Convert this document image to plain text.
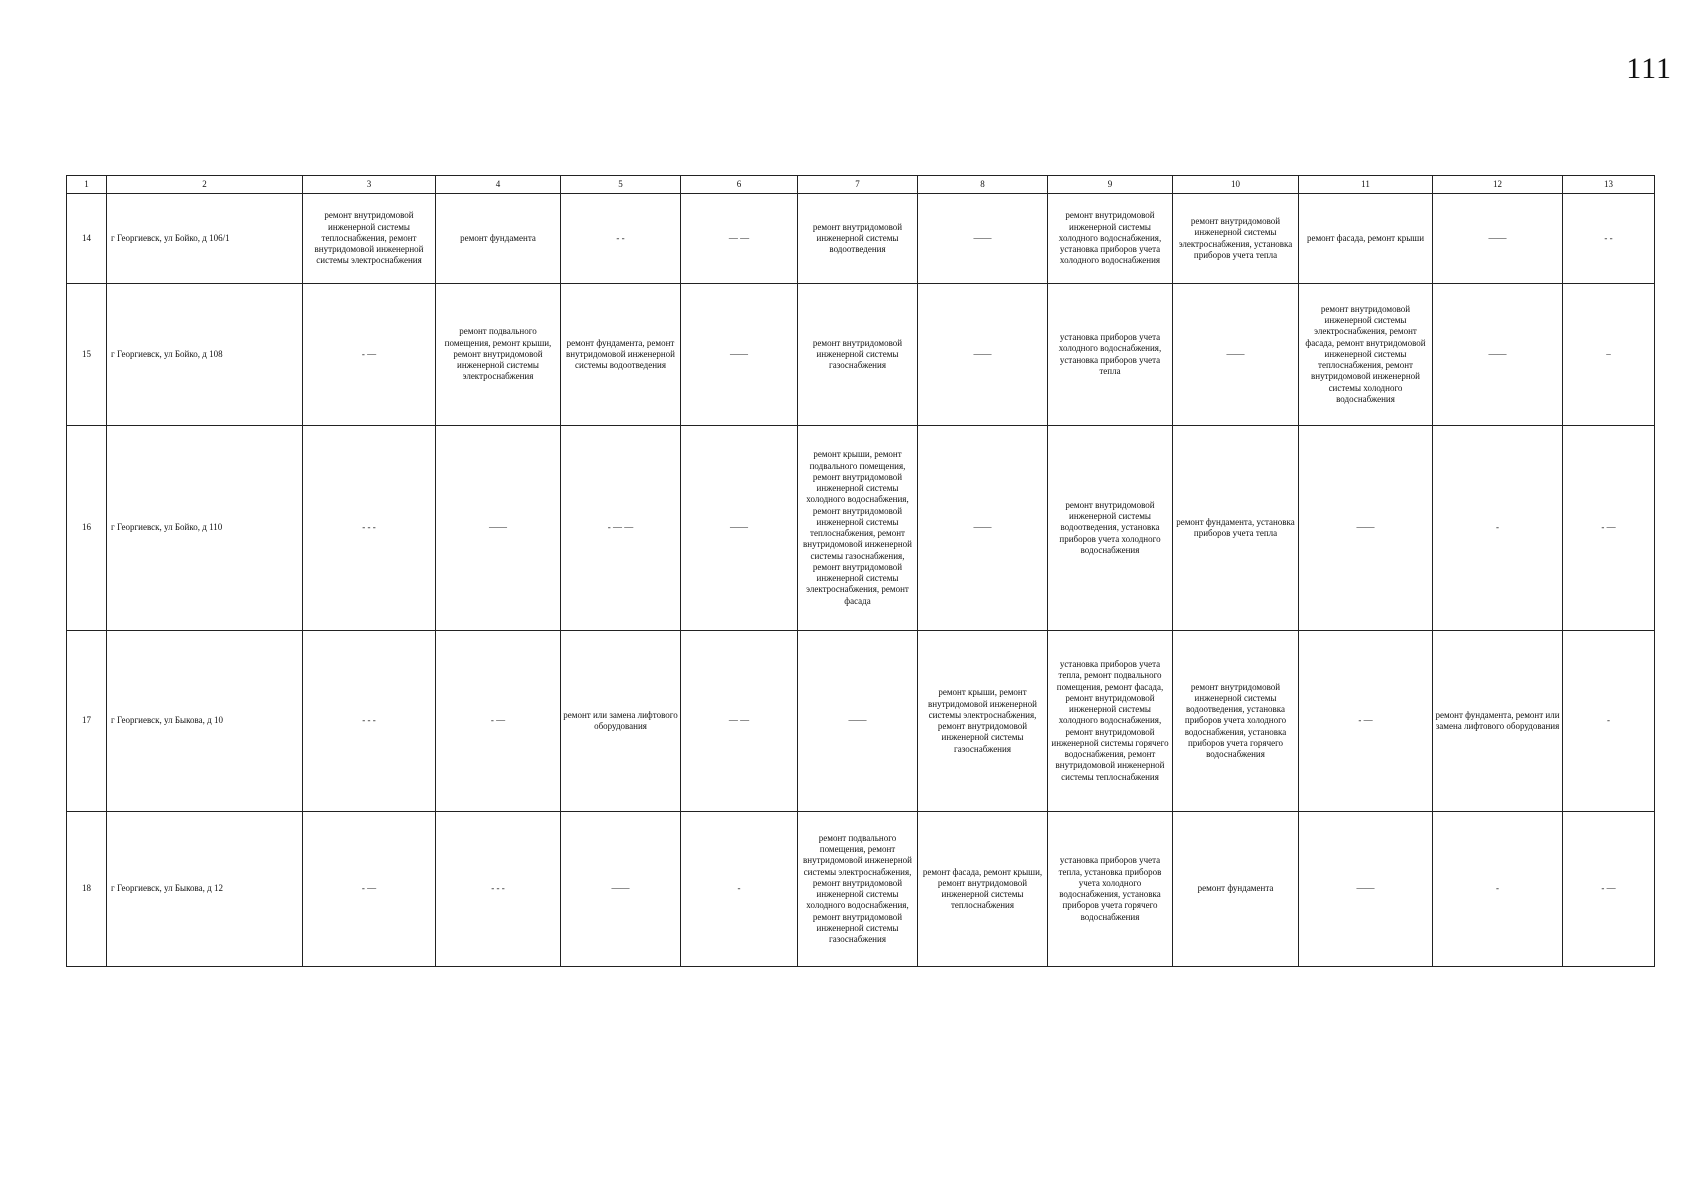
111
1	2	3	4	5	6	7	8	9	10	11	12	13
14	г Георгиевск, ул Бойко, д 106/1	ремонт внутридомовой инженерной системы теплоснабжения, ремонт внутридомовой инженерной системы электроснабжения	ремонт фундамента	- -	— —	ремонт внутридомовой инженерной системы водоотведения	——	ремонт внутридомовой инженерной системы холодного водоснабжения, установка приборов учета холодного водоснабжения	ремонт внутридомовой инженерной системы электроснабжения, установка приборов учета тепла	ремонт фасада, ремонт крыши	——	- -
15	г Георгиевск, ул Бойко, д 108	- —	ремонт подвального помещения, ремонт крыши, ремонт внутридомовой инженерной системы электроснабжения	ремонт фундамента, ремонт внутридомовой инженерной системы водоотведения	——	ремонт внутридомовой инженерной системы газоснабжения	——	установка приборов учета холодного водоснабжения, установка приборов учета тепла	——	ремонт внутридомовой инженерной системы электроснабжения, ремонт фасада, ремонт внутридомовой инженерной системы теплоснабжения, ремонт внутридомовой инженерной системы холодного водоснабжения	——	–
16	г Георгиевск, ул Бойко, д 110	- - -	——	- — —	——	ремонт крыши, ремонт подвального помещения, ремонт внутридомовой инженерной системы холодного водоснабжения, ремонт внутридомовой инженерной системы теплоснабжения, ремонт внутридомовой инженерной системы газоснабжения, ремонт внутридомовой инженерной системы электроснабжения, ремонт фасада	——	ремонт внутридомовой инженерной системы водоотведения, установка приборов учета холодного водоснабжения	ремонт фундамента, установка приборов учета тепла	——	-	- —
17	г Георгиевск, ул Быкова, д 10	- - -	- —	ремонт или замена лифтового оборудования	— —	——	ремонт крыши, ремонт внутридомовой инженерной системы электроснабжения, ремонт внутридомовой инженерной системы газоснабжения	установка приборов учета тепла, ремонт подвального помещения, ремонт фасада, ремонт внутридомовой инженерной системы холодного водоснабжения, ремонт внутридомовой инженерной системы горячего водоснабжения, ремонт внутридомовой инженерной системы теплоснабжения	ремонт внутридомовой инженерной системы водоотведения, установка приборов учета холодного водоснабжения, установка приборов учета горячего водоснабжения	- —	ремонт фундамента, ремонт или замена лифтового оборудования	-
18	г Георгиевск, ул Быкова, д 12	- —	- - -	——	-	ремонт подвального помещения, ремонт внутридомовой инженерной системы электроснабжения, ремонт внутридомовой инженерной системы холодного водоснабжения, ремонт внутридомовой инженерной системы газоснабжения	ремонт фасада, ремонт крыши, ремонт внутридомовой инженерной системы теплоснабжения	установка приборов учета тепла, установка приборов учета холодного водоснабжения, установка приборов учета горячего водоснабжения	ремонт фундамента	——	-	- —
